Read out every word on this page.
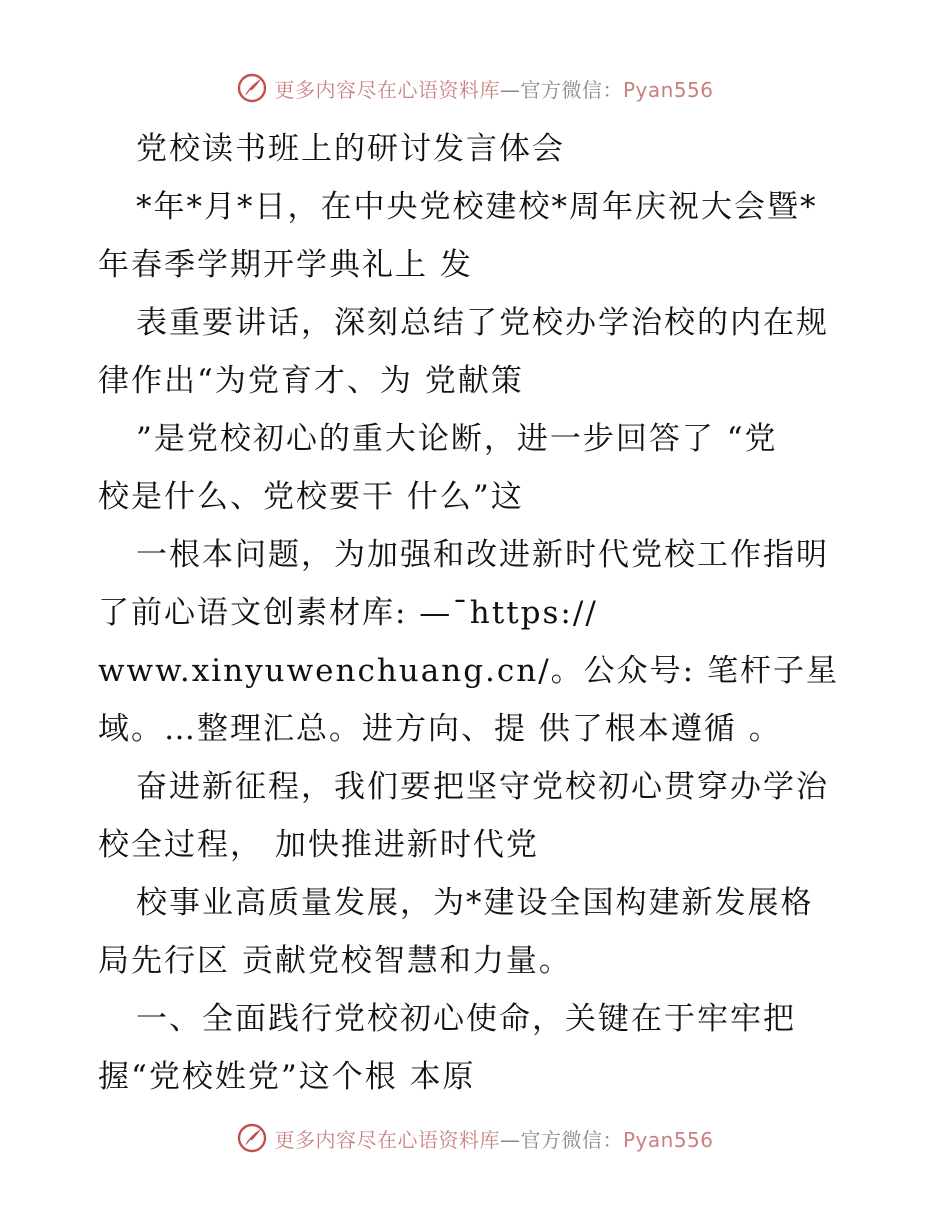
更多内容尽在心语资料库—官方微信：Pyan556
党校读书班上的研讨发言体会
*年*月*日，在中央党校建校*周年庆祝大会暨*
年春季学期开学典礼上 发
表重要讲话，深刻总结了党校办学治校的内在规
律作出“为党育才、为 党献策
”是党校初心的重大论断，进一步回答了 “党
校是什么、党校要干 什么”这
一根本问题，为加强和改进新时代党校工作指明
了前心语文创素材库: —¯https://
www.xinyuwenchuang.cn/。公众号: 笔杆子星
域。…整理汇总。进方向、提 供了根本遵循 。
奋进新征程，我们要把坚守党校初心贯穿办学治
校全过程， 加快推进新时代党
校事业高质量发展，为*建设全国构建新发展格
局先行区 贡献党校智慧和力量。
一、全面践行党校初心使命，关键在于牢牢把
握“党校姓党”这个根 本原
更多内容尽在心语资料库—官方微信：Pyan556
